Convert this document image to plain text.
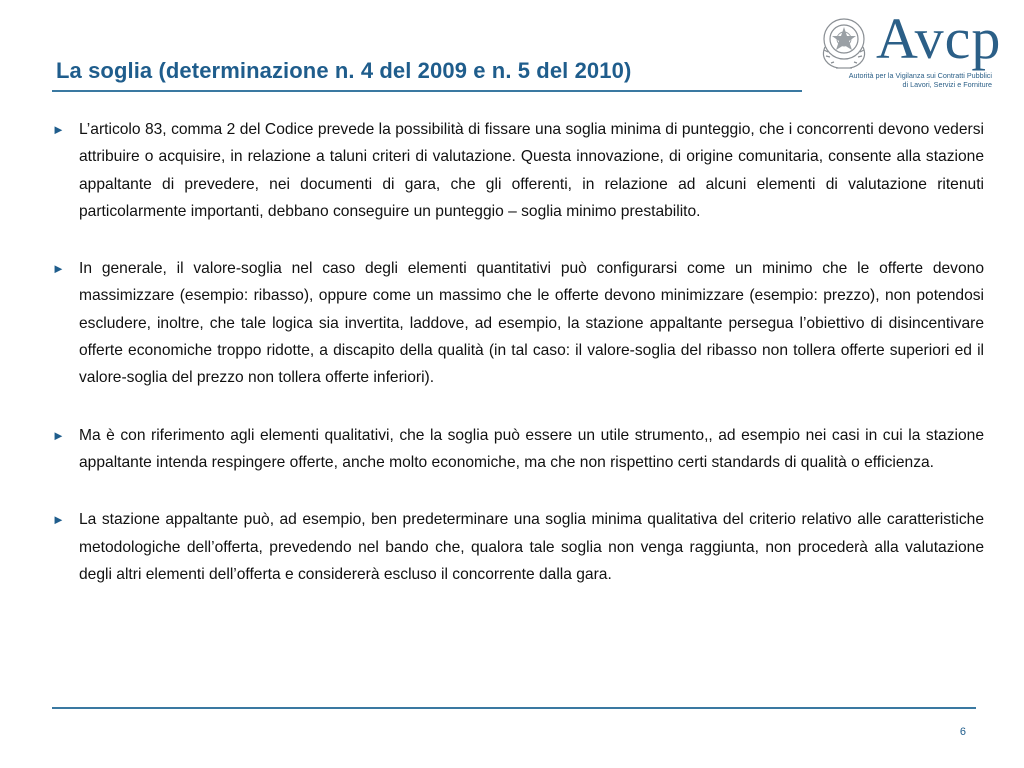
La soglia (determinazione n. 4 del 2009 e n. 5 del 2010)	Avcp
Autorità per la Vigilanza sui Contratti Pubblici
di Lavori, Servizi e Forniture
► L’articolo 83, comma 2 del Codice prevede la possibilità di fissare una soglia minima di punteggio, che i concorrenti devono vedersi attribuire o acquisire, in relazione a taluni criteri di valutazione. Questa innovazione, di origine comunitaria, consente alla stazione appaltante di prevedere, nei documenti di gara, che gli offerenti, in relazione ad alcuni elementi di valutazione ritenuti particolarmente importanti, debbano conseguire un punteggio – soglia minimo prestabilito.
► In generale, il valore-soglia nel caso degli elementi quantitativi può configurarsi come un minimo che le offerte devono massimizzare (esempio: ribasso), oppure come un massimo che le offerte devono minimizzare (esempio: prezzo), non potendosi escludere, inoltre, che tale logica sia invertita, laddove, ad esempio, la stazione appaltante persegua l’obiettivo di disincentivare offerte economiche troppo ridotte, a discapito della qualità (in tal caso: il valore-soglia del ribasso non tollera offerte superiori ed il valore-soglia del prezzo non tollera offerte inferiori).
► Ma è con riferimento agli elementi qualitativi, che la soglia può essere un utile strumento,, ad esempio nei casi in cui la stazione appaltante intenda respingere offerte, anche molto economiche, ma che non rispettino certi standards di qualità o efficienza.
► La stazione appaltante può, ad esempio, ben predeterminare una soglia minima qualitativa del criterio relativo alle caratteristiche metodologiche dell’offerta, prevedendo nel bando che, qualora tale soglia non venga raggiunta, non procederà alla valutazione degli altri elementi dell’offerta e considererà escluso il concorrente dalla gara.
6
